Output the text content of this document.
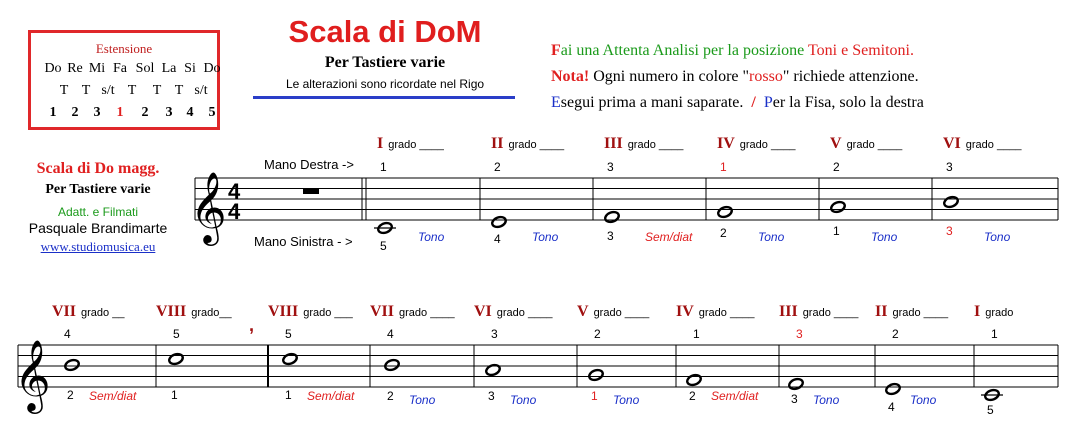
Estensione
Do Re Mi Fa Sol La Si Do
T T s/t T T T s/t
1 2 3 1 2 3 4 5
Scala di DoM
Per Tastiere varie
Le alterazioni sono ricordate nel Rigo
Fai una Attenta Analisi per la posizione Toni e Semitoni.
Nota! Ogni numero in colore "rosso" richiede attenzione.
Esegui prima a mani saparate. / Per la Fisa, solo la destra
Scala di Do magg.
Per Tastiere varie
Adatt. e Filmati
Pasquale Brandimarte
www.studiomusica.eu
Mano Destra ->
Mano Sinistra - >
𝄞 4
4
I grado ____
1
5
Tono
II grado ____
2
4	Tono
III grado ____
3
3	Sem/diat
IV grado ____
1
2	Tono
V grado ____
2
1	Tono
VI grado ____
3
3	Tono
𝄞
,
VII grado __
4
2 Sem/diat
VIII grado__
5
1
VIII grado ___
5
1 Sem/diat
VII grado ____
4
2 Tono
VI grado ____
3
3 Tono
V grado ____
2
1 Tono
IV grado ____
1
2 Sem/diat
III grado ____
3
3 Tono
II grado ____
2
4 Tono
I grado
1
5
